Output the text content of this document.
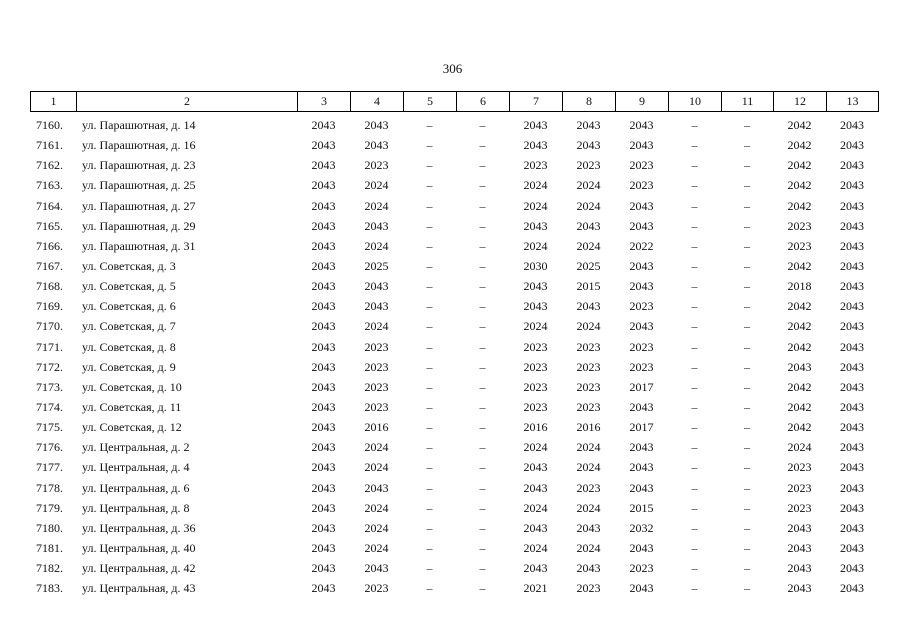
306
1	2	3	4	5	6	7	8	9	10	11	12	13
7160.	ул. Парашютная, д. 14	2043	2043	–	–	2043	2043	2043	–	–	2042	2043
7161.	ул. Парашютная, д. 16	2043	2043	–	–	2043	2043	2043	–	–	2042	2043
7162.	ул. Парашютная, д. 23	2043	2023	–	–	2023	2023	2023	–	–	2042	2043
7163.	ул. Парашютная, д. 25	2043	2024	–	–	2024	2024	2023	–	–	2042	2043
7164.	ул. Парашютная, д. 27	2043	2024	–	–	2024	2024	2043	–	–	2042	2043
7165.	ул. Парашютная, д. 29	2043	2043	–	–	2043	2043	2043	–	–	2023	2043
7166.	ул. Парашютная, д. 31	2043	2024	–	–	2024	2024	2022	–	–	2023	2043
7167.	ул. Советская, д. 3	2043	2025	–	–	2030	2025	2043	–	–	2042	2043
7168.	ул. Советская, д. 5	2043	2043	–	–	2043	2015	2043	–	–	2018	2043
7169.	ул. Советская, д. 6	2043	2043	–	–	2043	2043	2023	–	–	2042	2043
7170.	ул. Советская, д. 7	2043	2024	–	–	2024	2024	2043	–	–	2042	2043
7171.	ул. Советская, д. 8	2043	2023	–	–	2023	2023	2023	–	–	2042	2043
7172.	ул. Советская, д. 9	2043	2023	–	–	2023	2023	2023	–	–	2043	2043
7173.	ул. Советская, д. 10	2043	2023	–	–	2023	2023	2017	–	–	2042	2043
7174.	ул. Советская, д. 11	2043	2023	–	–	2023	2023	2043	–	–	2042	2043
7175.	ул. Советская, д. 12	2043	2016	–	–	2016	2016	2017	–	–	2042	2043
7176.	ул. Центральная, д. 2	2043	2024	–	–	2024	2024	2043	–	–	2024	2043
7177.	ул. Центральная, д. 4	2043	2024	–	–	2043	2024	2043	–	–	2023	2043
7178.	ул. Центральная, д. 6	2043	2043	–	–	2043	2023	2043	–	–	2023	2043
7179.	ул. Центральная, д. 8	2043	2024	–	–	2024	2024	2015	–	–	2023	2043
7180.	ул. Центральная, д. 36	2043	2024	–	–	2043	2043	2032	–	–	2043	2043
7181.	ул. Центральная, д. 40	2043	2024	–	–	2024	2024	2043	–	–	2043	2043
7182.	ул. Центральная, д. 42	2043	2043	–	–	2043	2043	2023	–	–	2043	2043
7183.	ул. Центральная, д. 43	2043	2023	–	–	2021	2023	2043	–	–	2043	2043
